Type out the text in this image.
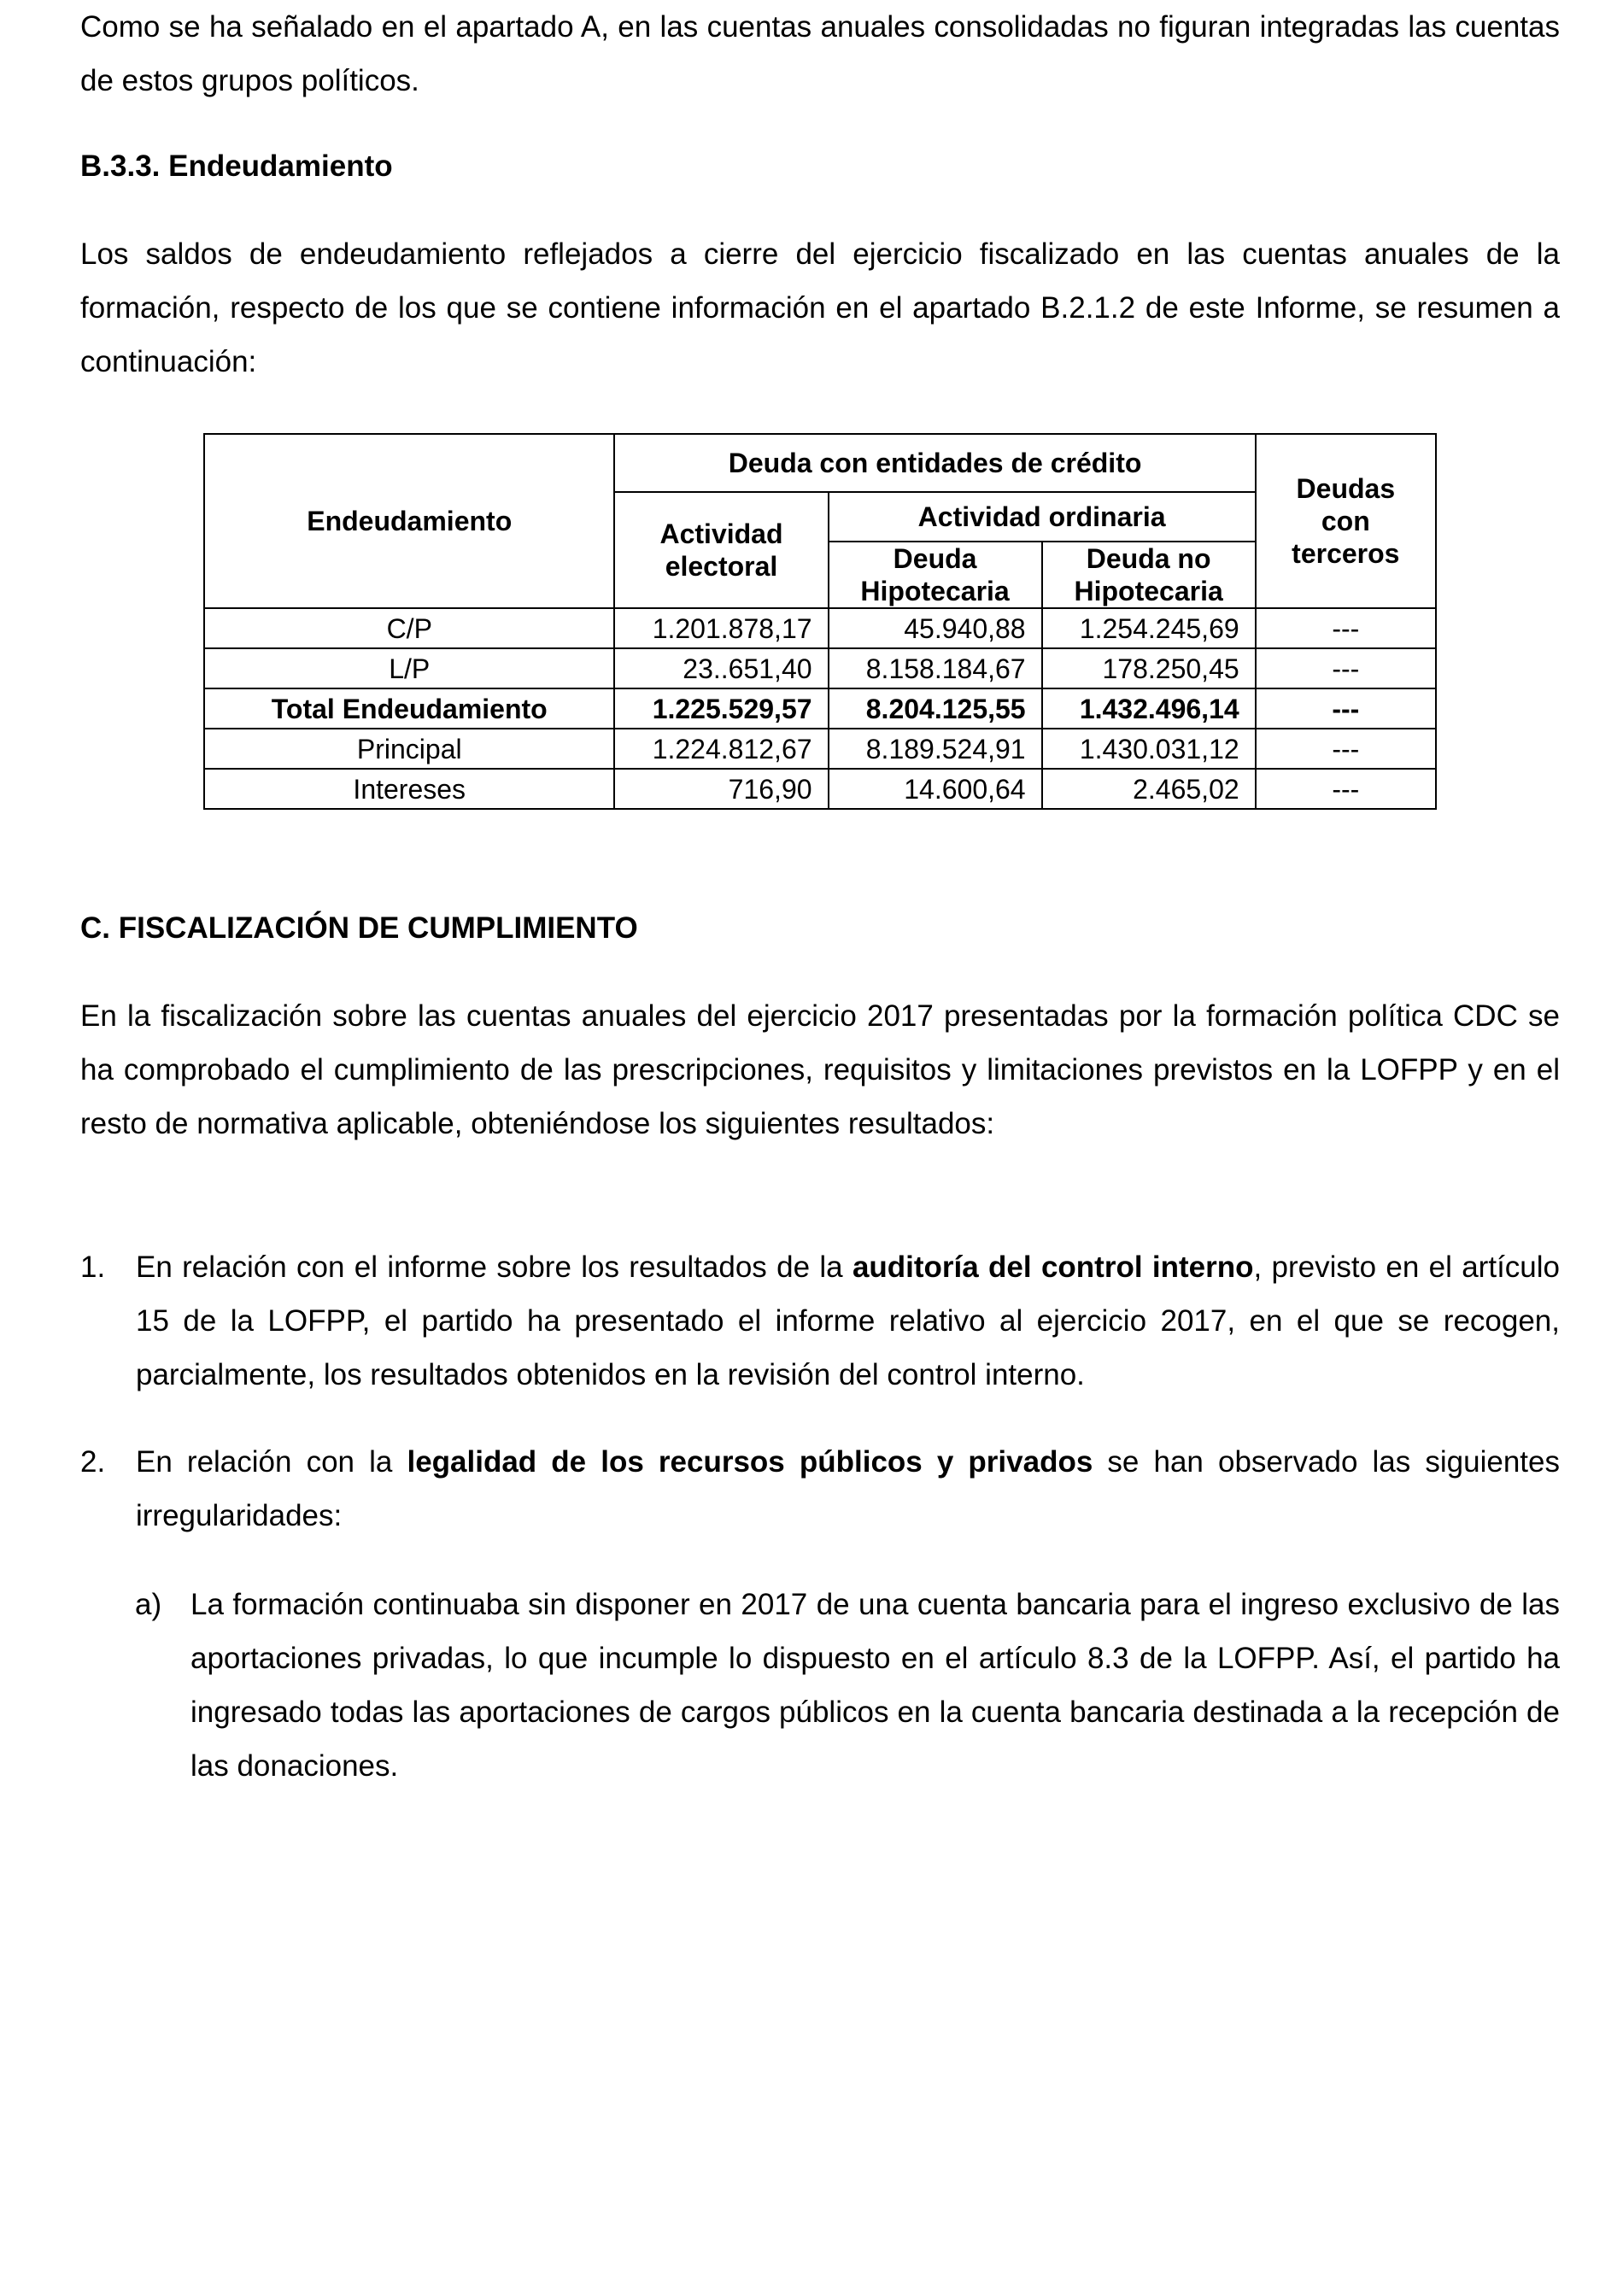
Como se ha señalado en el apartado A, en las cuentas anuales consolidadas no figuran integradas las cuentas de estos grupos políticos.

B.3.3. Endeudamiento

Los saldos de endeudamiento reflejados a cierre del ejercicio fiscalizado en las cuentas anuales de la formación, respecto de los que se contiene información en el apartado B.2.1.2 de este Informe, se resumen a continuación:

C. FISCALIZACIÓN DE CUMPLIMIENTO

En la fiscalización sobre las cuentas anuales del ejercicio 2017 presentadas por la formación política CDC se ha comprobado el cumplimiento de las prescripciones, requisitos y limitaciones previstos en la LOFPP y en el resto de normativa aplicable, obteniéndose los siguientes resultados:

1. En relación con el informe sobre los resultados de la auditoría del control interno, previsto en el artículo 15 de la LOFPP, el partido ha presentado el informe relativo al ejercicio 2017, en el que se recogen, parcialmente, los resultados obtenidos en la revisión del control interno.

2. En relación con la legalidad de los recursos públicos y privados se han observado las siguientes irregularidades:

a) La formación continuaba sin disponer en 2017 de una cuenta bancaria para el ingreso exclusivo de las aportaciones privadas, lo que incumple lo dispuesto en el artículo 8.3 de la LOFPP. Así, el partido ha ingresado todas las aportaciones de cargos públicos en la cuenta bancaria destinada a la recepción de las donaciones.

Endeudamiento	Deuda con entidades de crédito			Deudas con terceros
	Actividad electoral	Actividad ordinaria		
		Deuda Hipotecaria	Deuda no Hipotecaria	
C/P	1.201.878,17	45.940,88	1.254.245,69	---
L/P	23..651,40	8.158.184,67	178.250,45	---
Total Endeudamiento	1.225.529,57	8.204.125,55	1.432.496,14	---
Principal	1.224.812,67	8.189.524,91	1.430.031,12	---
Intereses	716,90	14.600,64	2.465,02	---
